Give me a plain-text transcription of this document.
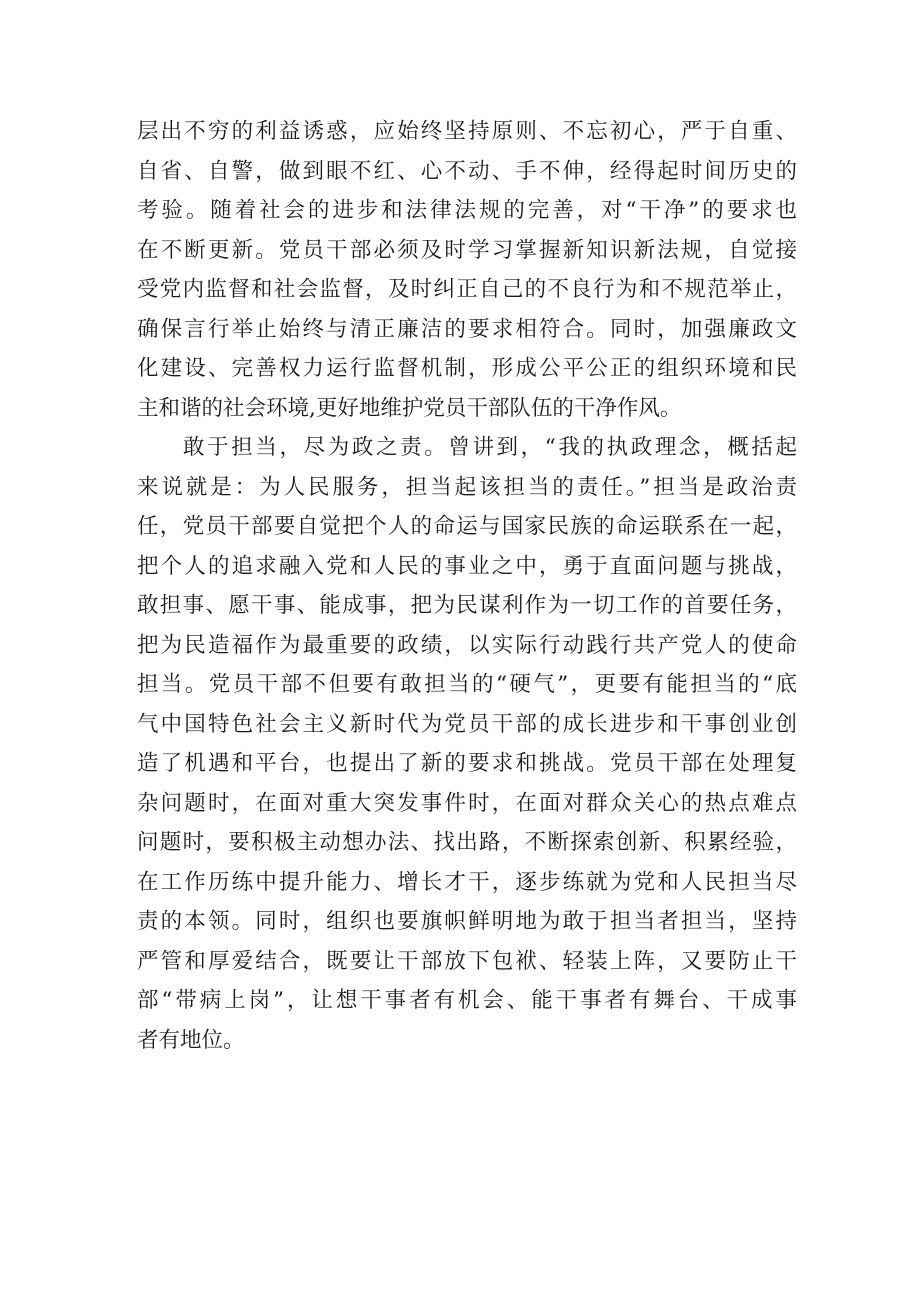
层出不穷的利益诱惑，应始终坚持原则、不忘初心，严于自重、
自省、自警，做到眼不红、心不动、手不伸，经得起时间历史的
考验。随着社会的进步和法律法规的完善，对“干净”的要求也
在不断更新。党员干部必须及时学习掌握新知识新法规，自觉接
受党内监督和社会监督，及时纠正自己的不良行为和不规范举止，
确保言行举止始终与清正廉洁的要求相符合。同时，加强廉政文
化建设、完善权力运行监督机制，形成公平公正的组织环境和民
主和谐的社会环境,更好地维护党员干部队伍的干净作风。
敢于担当，尽为政之责。曾讲到，“我的执政理念，概括起
来说就是：为人民服务，担当起该担当的责任。”担当是政治责
任，党员干部要自觉把个人的命运与国家民族的命运联系在一起，
把个人的追求融入党和人民的事业之中，勇于直面问题与挑战，
敢担事、愿干事、能成事，把为民谋利作为一切工作的首要任务，
把为民造福作为最重要的政绩，以实际行动践行共产党人的使命
担当。党员干部不但要有敢担当的“硬气”，更要有能担当的“底
气中国特色社会主义新时代为党员干部的成长进步和干事创业创
造了机遇和平台，也提出了新的要求和挑战。党员干部在处理复
杂问题时，在面对重大突发事件时，在面对群众关心的热点难点
问题时，要积极主动想办法、找出路，不断探索创新、积累经验，
在工作历练中提升能力、增长才干，逐步练就为党和人民担当尽
责的本领。同时，组织也要旗帜鲜明地为敢于担当者担当，坚持
严管和厚爱结合，既要让干部放下包袱、轻装上阵，又要防止干
部“带病上岗”，让想干事者有机会、能干事者有舞台、干成事
者有地位。
